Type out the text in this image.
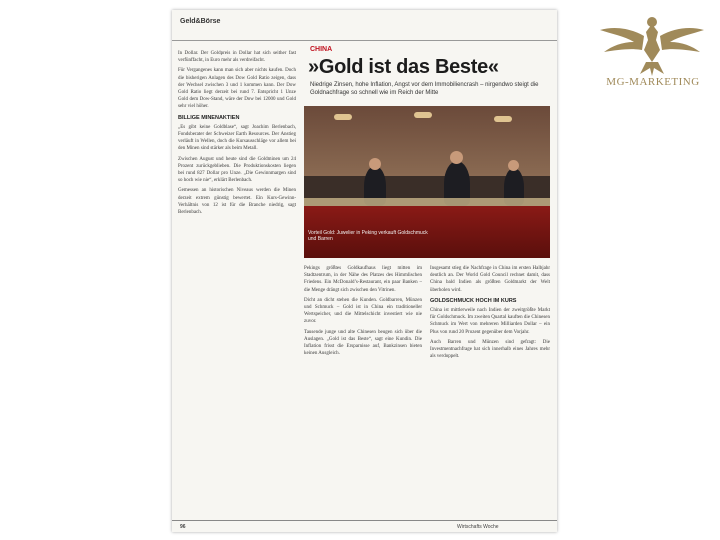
Geld&Börse

In Dollar. Der Goldpreis in Dollar hat sich seither fast verfünffacht, in Euro mehr als verdreifacht.

Für Vergangenes kann man sich aber nichts kaufen. Doch die bisherigen Anlagen des Dow Gold Ratio zeigen, dass der Wechsel zwischen 3 und 1 kommen kann. Der Dow Gold Ratio liegt derzeit bei rund 7. Entspricht 1 Unze Gold dem Dow-Stand, wäre der Dow bei 12000 und Gold sehr viel höher.

BILLIGE MINENAKTIEN

„Es gibt keine Goldblase“, sagt Joachim Berlenbach, Fondsberater der Schweizer Earth Resources. Der Anstieg verläuft in Wellen, doch die Kursausschläge vor allem bei den Minen sind stärker als beim Metall.

Zwischen August und heute sind die Goldminen um 24 Prozent zurückgeblieben. Die Produktionskosten liegen bei rund 827 Dollar pro Unze. „Die Gewinnmargen sind so hoch wie nie“, erklärt Berlenbach.

Gemessen an historischen Niveaus werden die Minen derzeit extrem günstig bewertet. Ein Kurs-Gewinn-Verhältnis von 12 ist für die Branche niedrig, sagt Berlenbach.

CHINA
»Gold ist das Beste«
Niedrige Zinsen, hohe Inflation, Angst vor dem Immobiliencrash – nirgendwo steigt die Goldnachfrage so schnell wie im Reich der Mitte
Vorteil Gold: Juwelier in Peking verkauft Goldschmuck und Barren

Pekings größtes Goldkaufhaus liegt mitten im Stadtzentrum, in der Nähe des Platzes des Himmlischen Friedens. Ein McDonald’s-Restaurant, ein paar Banken – die Menge drängt sich zwischen den Vitrinen.

Dicht an dicht stehen die Kunden. Goldbarren, Münzen und Schmuck – Gold ist in China ein traditioneller Wertspeicher, und die Mittelschicht investiert wie nie zuvor.

Tausende junge und alte Chinesen beugen sich über die Auslagen. „Gold ist das Beste“, sagt eine Kundin. Die Inflation frisst die Ersparnisse auf, Bankzinsen bieten keinen Ausgleich.

Insgesamt stieg die Nachfrage in China im ersten Halbjahr deutlich an. Der World Gold Council rechnet damit, dass China bald Indien als größten Goldmarkt der Welt überholen wird.

GOLDSCHMUCK HOCH IM KURS

China ist mittlerweile nach Indien der zweitgrößte Markt für Goldschmuck. Im zweiten Quartal kauften die Chinesen Schmuck im Wert von mehreren Milliarden Dollar – ein Plus von rund 20 Prozent gegenüber dem Vorjahr.

Auch Barren und Münzen sind gefragt: Die Investmentnachfrage hat sich innerhalb eines Jahres mehr als verdoppelt.

96	Wirtschafts Woche
MG-MARKETING
